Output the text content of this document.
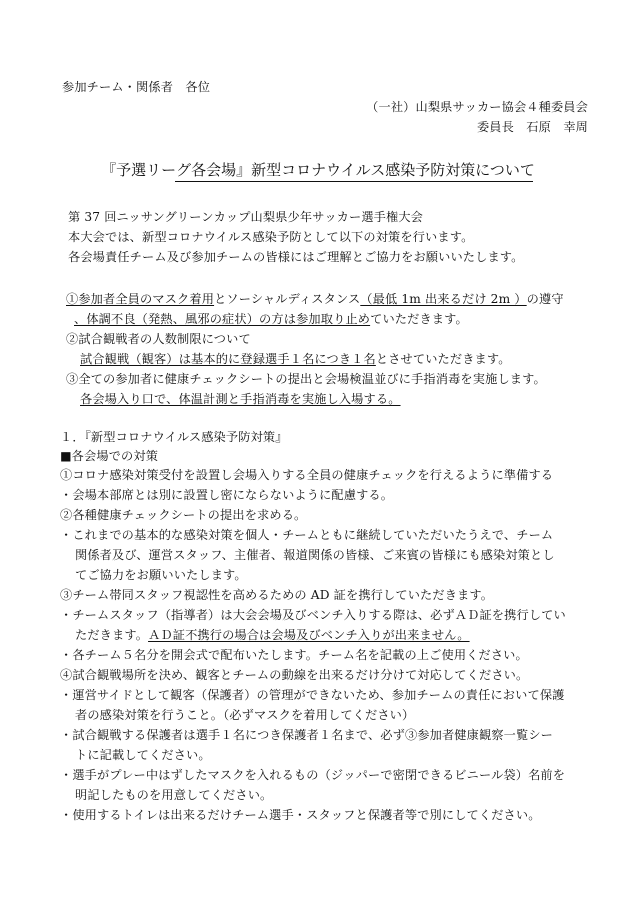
参加チーム・関係者　各位
（一社）山梨県サッカー協会４種委員会
委員長　石原　幸周
『予選リーグ各会場』新型コロナウイルス感染予防対策について
第 37 回ニッサングリーンカップ山梨県少年サッカー選手権大会
本大会では、新型コロナウイルス感染予防として以下の対策を行います。
各会場責任チーム及び参加チームの皆様にはご理解とご協力をお願いいたします。
①参加者全員のマスク着用とソーシャルディスタンス（最低 1m 出来るだけ 2m ）の遵守
、体調不良（発熱、風邪の症状）の方は参加取り止めていただきます。
②試合観戦者の人数制限について
試合観戦（観客）は基本的に登録選手１名につき１名とさせていただきます。
③全ての参加者に健康チェックシートの提出と会場検温並びに手指消毒を実施します。
各会場入り口で、体温計測と手指消毒を実施し入場する。
１．『新型コロナウイルス感染予防対策』
■各会場での対策
①コロナ感染対策受付を設置し会場入りする全員の健康チェックを行えるように準備する
・会場本部席とは別に設置し密にならないように配慮する。
②各種健康チェックシートの提出を求める。
・これまでの基本的な感染対策を個人・チームともに継続していただいたうえで、チーム
関係者及び、運営スタッフ、主催者、報道関係の皆様、ご来賓の皆様にも感染対策とし
てご協力をお願いいたします。
③チーム帯同スタッフ視認性を高めるための AD 証を携行していただきます。
・チームスタッフ（指導者）は大会会場及びベンチ入りする際は、必ずＡＤ証を携行してい
ただきます。ＡＤ証不携行の場合は会場及びベンチ入りが出来ません。
・各チーム５名分を開会式で配布いたします。チーム名を記載の上ご使用ください。
④試合観戦場所を決め、観客とチームの動線を出来るだけ分けて対応してください。
・運営サイドとして観客（保護者）の管理ができないため、参加チームの責任において保護
者の感染対策を行うこと。（必ずマスクを着用してください）
・試合観戦する保護者は選手１名につき保護者１名まで、必ず③参加者健康観察一覧シー
トに記載してください。
・選手がプレー中はずしたマスクを入れるもの（ジッパーで密閉できるビニール袋）名前を
明記したものを用意してください。
・使用するトイレは出来るだけチーム選手・スタッフと保護者等で別にしてください。
